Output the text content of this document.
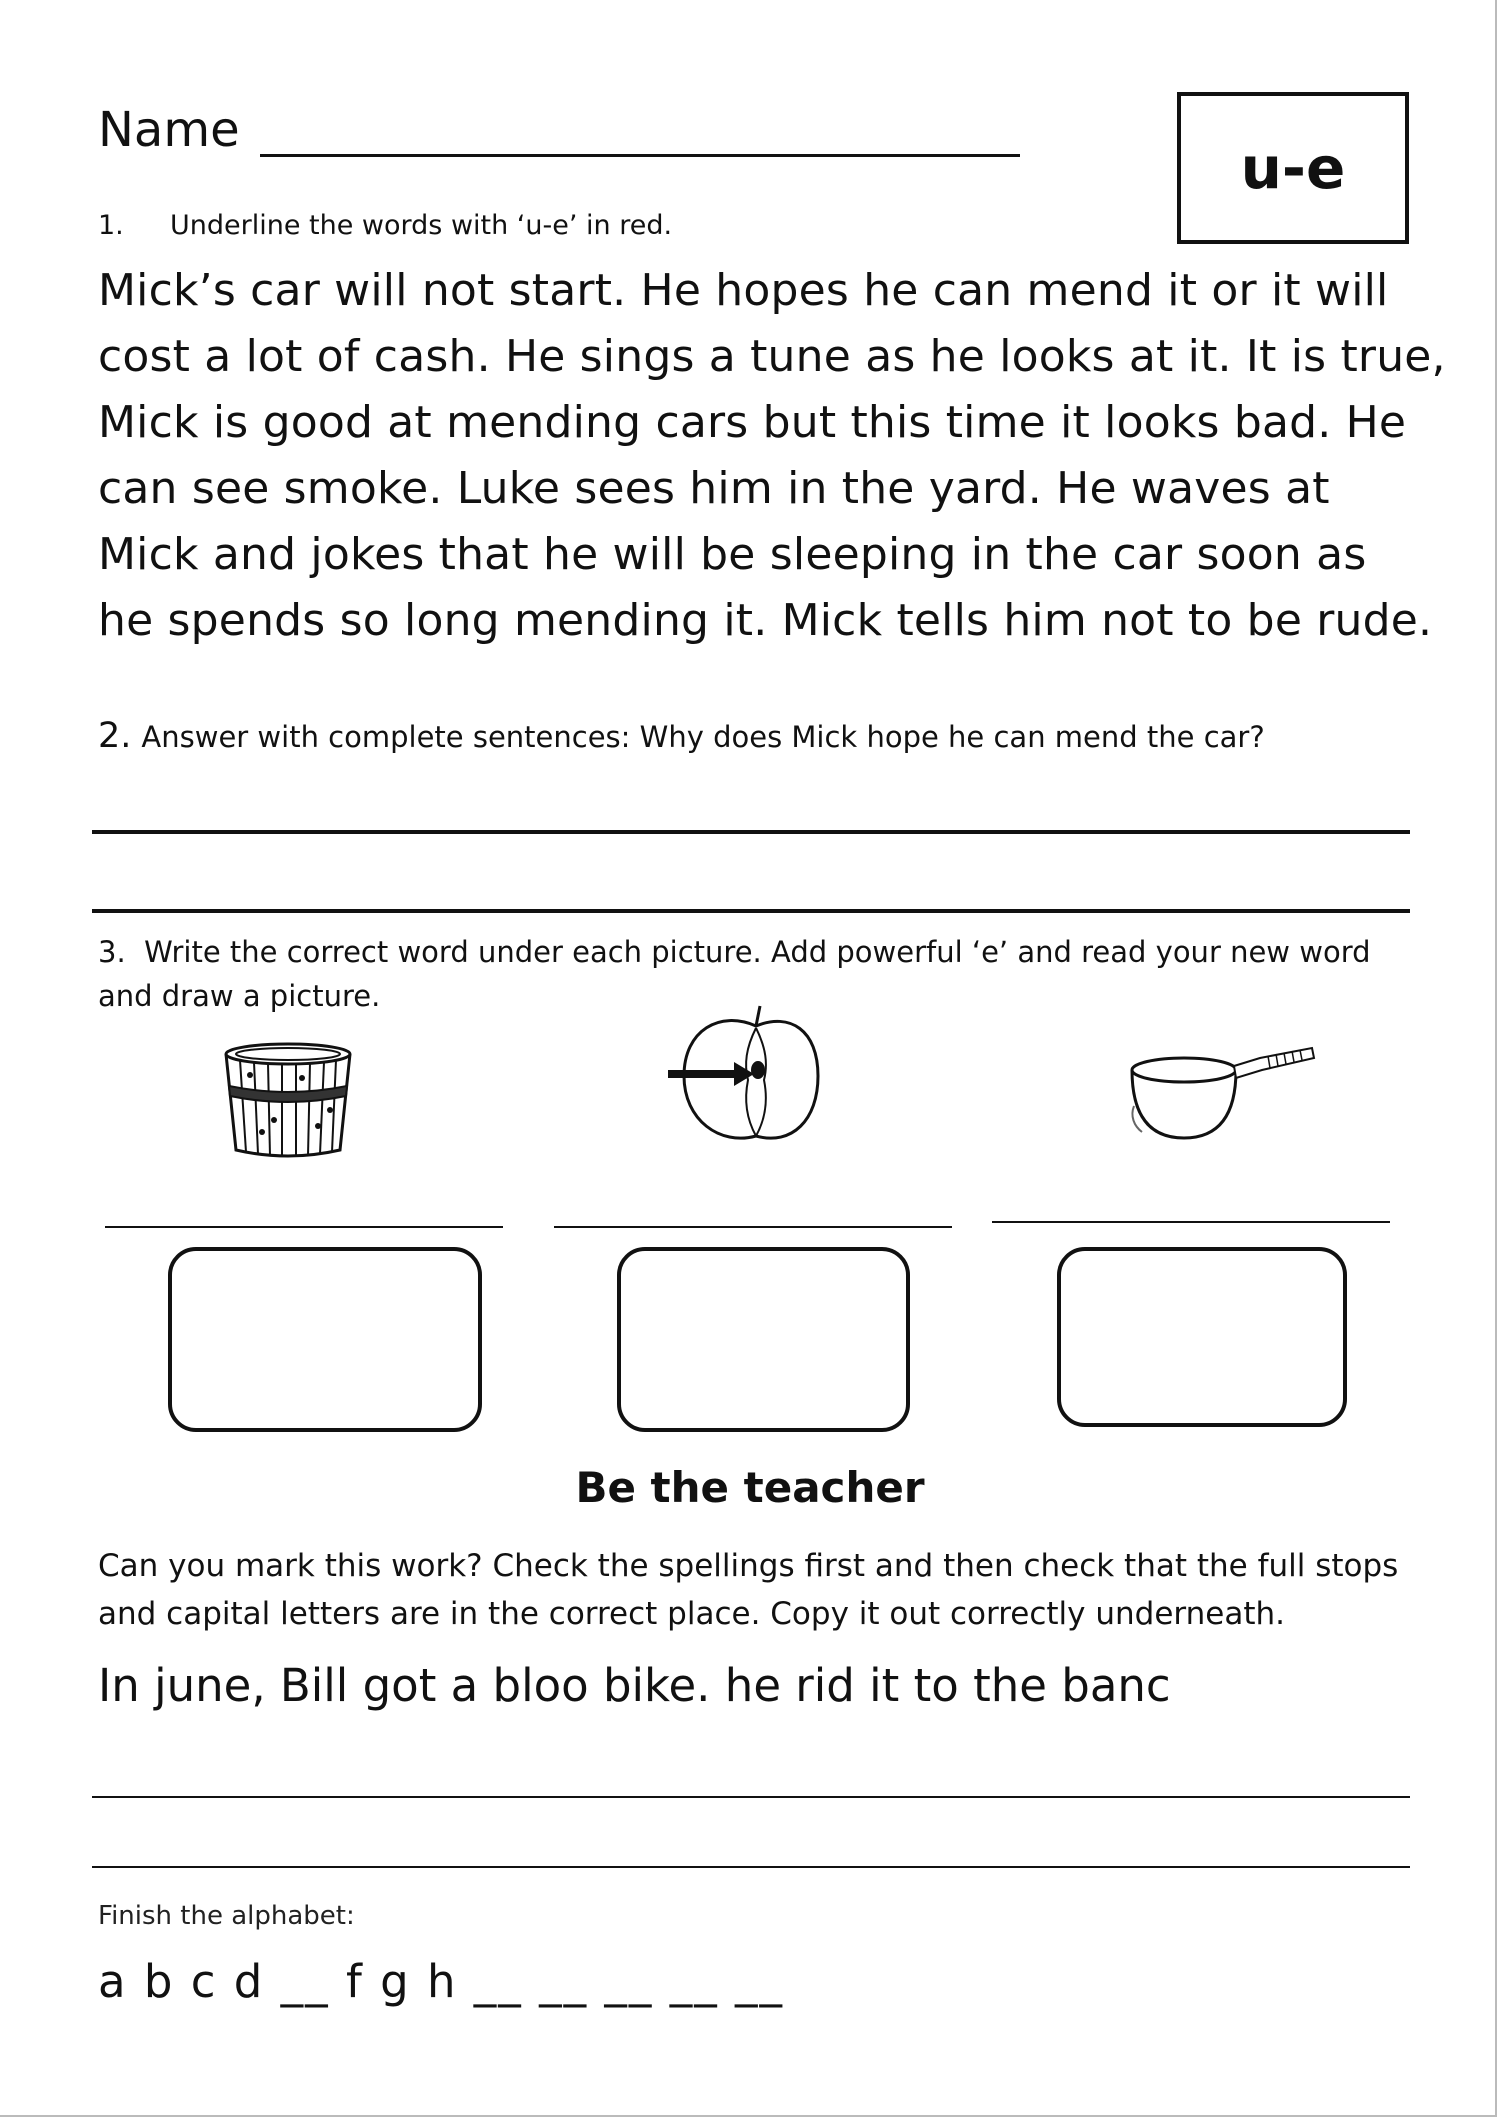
Name
u-e
1. Underline the words with ‘u-e’ in red.
Mick’s car will not start. He hopes he can mend it or it will
cost a lot of cash. He sings a tune as he looks at it. It is true,
Mick is good at mending cars but this time it looks bad. He
can see smoke. Luke sees him in the yard. He waves at
Mick and jokes that he will be sleeping in the car soon as
he spends so long mending it. Mick tells him not to be rude.
2. Answer with complete sentences: Why does Mick hope he can mend the car?
3. Write the correct word under each picture. Add powerful ‘e’ and read your new word
and draw a picture.
Be the teacher
Can you mark this work? Check the spellings first and then check that the full stops
and capital letters are in the correct place. Copy it out correctly underneath.
In june, Bill got a bloo bike. he rid it to the banc
Finish the alphabet:
a b c d __ f g h __ __ __ __ __
